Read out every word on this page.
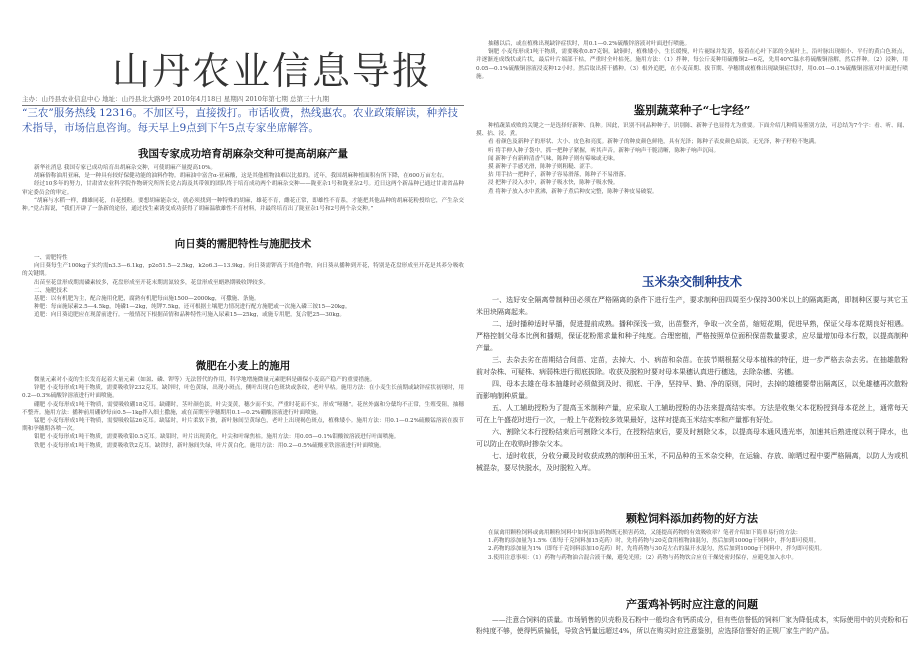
山丹农业信息导报
主办：山丹县农业信息中心 地址：山丹县北大路9号 2010年4月18日 星期四 2010年第七期 总第三十九期
“三农”服务热线 12316。不加区号，直接拨打。市话收费，热线惠农。农业政策解读，种养技术指导，市场信息咨询。每天早上9点到下午5点专家坐席解答。

我国专家成功培育胡麻杂交种可提高胡麻产量

新华社消息 我国专家已成功培育出胡麻杂交种，可使胡麻产量提高10%。

胡麻俗称油用亚麻，是一种具有较好保健功能的油料作物。胡麻油中富含α-亚麻酸，这是其他植物油难以比拟的。近年，我国胡麻种植面积有所下降，在600万亩左右。

经过10多年的努力，甘肃省农业科学院作物研究所所长党占海及其带领的团队终于培育成功两个胡麻杂交种——陇亚杂1号和陇亚杂2号。近日这两个新品种已通过甘肃省品种审定委员会的审定。

“胡麻与水稻一样，雌雄同花，自花授粉。要想胡麻能杂交，就必须找到一种特殊的胡麻，雄花不育，雌花正常，即雄性不育系，才能把其他品种的胡麻花粉授给它，产生杂交种。”党占海说，“我们开辟了一条新的途径，通过找生素诱变成功获得了胡麻温敏雄性不育材料，并最终培育出了陇亚杂1号和2号两个杂交种。”

向日葵的需肥特性与施肥技术

一、需肥特性

向日葵每生产100kg子实约需n3.3—6.1kg，p2o51.5—2.5kg，k2o6.3—13.9kg。向日葵需钾高于其他作物，向日葵从播种到开花，特别是花盘形成至开花是其养分吸收的关键期。

出苗至花盘形成期需磷素较多，花盘形成至开花末期需氮较多，花盘形成至蜡熟期吸收钾较多。

二、施肥技术

基肥：以有机肥为主，配合施用化肥，腐熟有机肥每亩施1500—2000kg，可撒施、条施。

种肥：每亩施尿素2.5—4.5kg，纯磷1—2kg，纯钾7.5kg，还可根据土壤肥力情况进行配方施肥或一次施入磷三铵15—20kg。

追肥：向日葵追肥应在现蕾前进行。一般情况下根据苗情和品种特性可施入尿素15—25kg，或施专用肥，复合肥25—30kg。

微肥在小麦上的施用

微量元素对小麦的生长发育起着大量元素（如氮、磷、钾等）无法替代的作用，科学地增施微量元素肥料是确保小麦高产稳产的重要措施。

锌肥 小麦每形成1吨干物质，需要吸收锌232克耳。缺锌时，叶色黄绿，出现小斑点，侧叶出现白色斑块或条纹，老叶早枯。施用方法：在小麦生长前期或缺锌症状初现时，用0.2—0.3%硫酸锌溶液进行叶面喷施。

硼肥 小麦每形成1吨干物质，需要吸收硼18克耳。缺硼时，茎叶颜色淡，叶尖变黄，穗少而不实，严重时花而不实，形成“哑穗”。花丝外露和分蘖均不正常，生殖受阻，抽穗不整齐。施用方法：播种前用硼砂每亩0.5—1kg拌入细土撒施，或在苗期至孕穗期用0.1—0.2%硼酸溶液进行叶面喷施。

锰肥 小麦每形成1吨干物质，需要吸收锰26克耳。缺锰时，叶片柔软下披，新叶脉间呈黄绿色，老叶上出现褐色斑点，植株矮小。施用方法：用0.1—0.2%硫酸锰溶液在拔节期和孕穗期各喷一次。

钼肥 小麦每形成1吨干物质，需要吸收钼0.5克耳。缺钼时，叶片出现黄化，叶尖和叶缘焦枯。施用方法：用0.05—0.1%钼酸铵溶液进行叶面喷施。

铁肥 小麦每形成1吨干物质，需要吸收铁2克耳。缺铁时，新叶脉间失绿，叶片黄白化。施用方法：用0.2—0.5%硫酸亚铁溶液进行叶面喷施。

抽穗以后，或在植株出现缺锌症状时，用0.1—0.2%硫酸锌溶液对叶面进行喷施。

铜肥 小麦每形成1吨干物质，需要吸收0.87克铜。缺铜时，植株矮小，生长缓慢，叶片褪绿并发黄，接着在心叶下部的全展叶上，沿叶脉出现细小、平行的黄白色斑点，并逐渐连成线状或片状，最后叶片端部干枯，严重时全叶枯死。施用方法：（1）拌种，每公斤麦种用硫酸铜2—6克，先用40℃温水将硫酸铜溶解，然后拌种。（2）浸种，用0.05—0.1%硫酸铜溶液浸麦种12小时。然后取出捞干播种。（3）根外追肥，在小麦苗期、拔节期、孕穗期或植株出现缺铜症状时，用0.01—0.1%硫酸铜溶液对叶面进行喷施。

鉴别蔬菜种子“七字经”

种植蔬菜成败的关键之一是选择好新种、良种。因此，识别不同品种种子，识别陈、新种子也显得尤为重要。下面介绍几种简易鉴别方法，可总结为7个字：看、听、闻、摸、拈、浸、煮。

看 看颜色及新种子的形状、大小、皮色和亮度。新种子的种皮颜色鲜艳，具有光泽；陈种子表皮颜色暗淡，无光泽，种子籽粒不饱满。

听 将手伸入种子袋中，抓一把种子紧握，听其声音。新种子响声干脆清晰，陈种子响声沉闷。

闻 新种子有新鲜清香气味，陈种子则有霉味或无味。

摸 新种子手感光滑，陈种子则粗糙、涩手。

拈 用手拈一把种子，新种子容易滑落，陈种子不易滑落。

浸 把种子浸入水中，新种子吸水快，陈种子吸水慢。

煮 将种子放入水中煮沸，新种子煮后种皮完整，陈种子种皮易破裂。

玉米杂交制种技术

一、选好安全隔离带制种田必须在严格隔离的条件下进行生产，要求制种田四周至少保持300米以上的隔离距离，即制种区要与其它玉米田块隔离起来。

二、适时播种适时早播，促进提前成熟。播种深浅一致，出苗整齐，争取一次全苗，缩短花期，促进早熟，保证父母本花期良好相遇。严格控制父母本比例和播期，保证花粉需求量和种子纯度。合理密植，严格按照单位面积保苗数量要求，应尽量增加母本行数，以提高制种产量。

三、去杂去劣在苗期结合间苗、定苗，去掉大、小、病苗和杂苗。在拔节期根据父母本植株的特征，进一步严格去杂去劣。在抽雄散粉前对杂株、可疑株、病弱株进行彻底拔除。收获及脱粒时要对母本果穗认真进行穗选，去除杂穗、劣穗。

四、母本去雄在母本抽雄时必须做到及时、彻底、干净，坚持早、勤、净的原则，同时，去掉的雄穗要带出隔离区，以免雄穗再次散粉而影响制种质量。

五、人工辅助授粉为了提高玉米制种产量，应采取人工辅助授粉的办法来提高结实率。方法是收集父本花粉授到母本花丝上，通常每天可在上午盛花时进行一次，一般上午花粉较多效果最好，这样对提高玉米结实率和产量都有好处。

六、割除父本行授粉结束后可割除父本行，在授粉结束后，要及时割除父本，以提高母本通风透光率，加速其后熟进度以利于降水，也可以防止在收购时掺杂父本。

七、适时收获，分收分藏及时收获成熟的制种田玉米，不同品种的玉米杂交种，在运输、存放、晾晒过程中要严格隔离，以防人为或机械混杂，要尽快脱水，及时脱粒入库。

颗粒饲料添加药物的好方法

在鼠禽用颗粒饲料或禽用颗粒饲料中如何添加药物既无损害药效，又能提高药物的有效吸收率？笔者介绍如下简单易行的方法：

1.药物的添加量为1.5%（即每千克饲料加15克药）时，先将药物与20克食用植物油混匀，然后加到1000g干饲料中，拌匀即可使用。

2.药物的添加量为1%（即每千克饲料添加10克药）时，先将药物与30克左右的温开水混匀，然后加到1000g干饲料中，拌匀即可使用。

3.使用注意事项：（1）药物与药物油合混合液干燥，避免光照；（2）药物与药物饮合应在干燥处密封保存，应避免加入水中。

产蛋鸡补钙时应注意的问题

——注意合饲料的质量。市场销售的贝壳粉及石粉中一般均含有钙质成分，但有些信誉低的饲料厂家为降低成本，实际使用中的贝壳粉和石粉纯度不够，使得钙质偏低，导致含钙量远超过4%，所以在购买时应注意鉴别，应选择信誉好的正规厂家生产的产品。
